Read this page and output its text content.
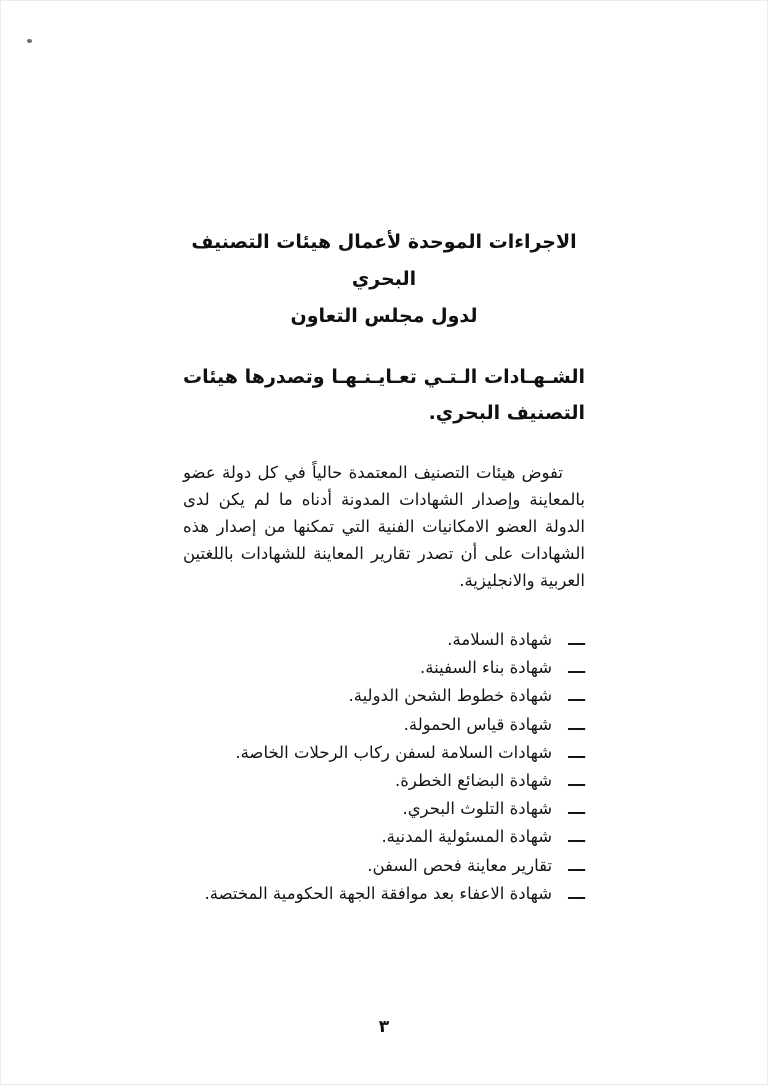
الاجراءات الموحدة لأعمال هيئات التصنيف البحري
لدول مجلس التعاون
الشـهـادات الـتـي تعـايـنـهـا وتصدرها هيئات التصنيف البحري.

تفوض هيئات التصنيف المعتمدة حالياً في كل دولة عضو بالمعاينة وإصدار الشهادات المدونة أدناه ما لم يكن لدى الدولة العضو الامكانيات الفنية التي تمكنها من إصدار هذه الشهادات على أن تصدر تقارير المعاينة للشهادات باللغتين العربية والانجليزية.

ـــ
شهادة السلامة.
ـــ
شهادة بناء السفينة.
ـــ
شهادة خطوط الشحن الدولية.
ـــ
شهادة قياس الحمولة.
ـــ
شهادات السلامة لسفن ركاب الرحلات الخاصة.
ـــ
شهادة البضائع الخطرة.
ـــ
شهادة التلوث البحري.
ـــ
شهادة المسئولية المدنية.
ـــ
تقارير معاينة فحص السفن.
ـــ
شهادة الاعفاء بعد موافقة الجهة الحكومية المختصة.
٣
